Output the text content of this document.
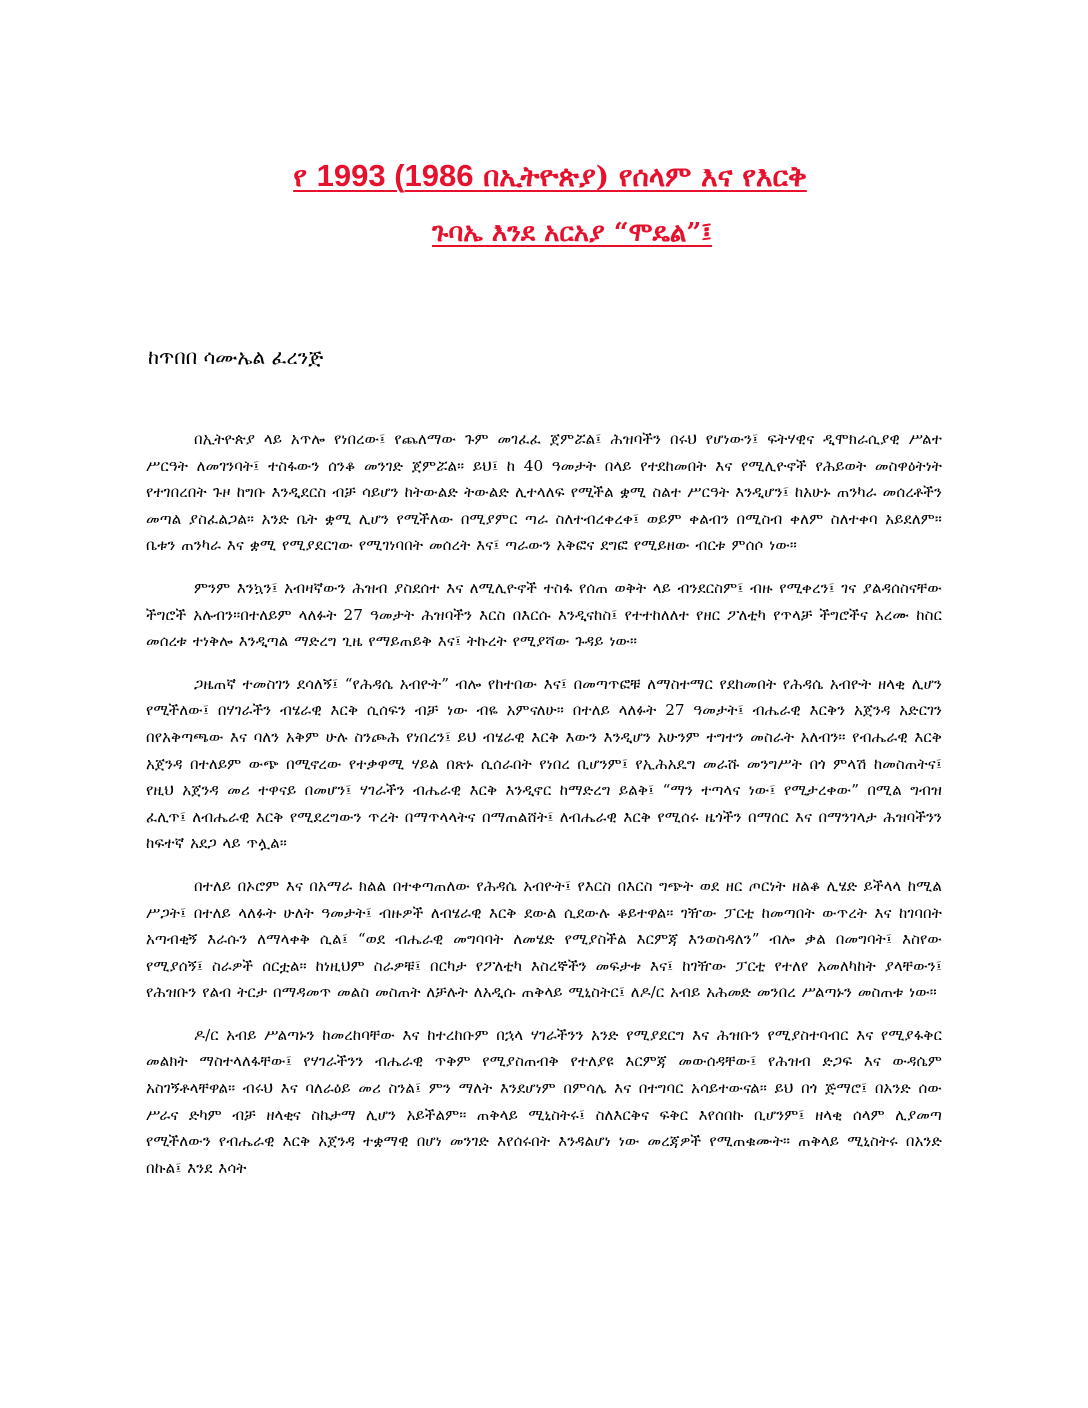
የ 1993 (1986 በኢትዮጵያ) የሰላም እና የእርቅ
ጉባኤ እንደ አርአያ “ሞዴል”፤
ከጥበበ ሳሙኤል ፈረንጅ

በኢትዮጵያ ላይ አጥሎ የነበረው፤ የጨለማው ጉም መገፈፈ ጀምሯል፤ ሕዝባችን በሩህ የሆነውን፤ ፍትሃዊና ዲሞክራሲያዊ ሥልተ ሥርዓት ለመገንባት፤ ተስፋውን ሰንቆ መንገድ ጀምሯል። ይህ፤ ከ 40 ዓመታት በላይ የተደከመበት እና የሚሊዮኖች የሕይወት መስዋዕትነት የተገበረበት ጉዞ ከግቡ እንዲደርስ ብቻ ሳይሆን ከትውልድ ትውልድ ሊተላለፍ የሚችል ቋሚ ስልተ ሥርዓት እንዲሆን፤ ከአሁኑ ጠንካራ መሰረቶችን መጣል ያስፈልጋል። አንድ ቤት ቋሚ ሊሆን የሚችለው በሚያምር ጣራ ስለተብረቀረቀ፤ ወይም ቀልብን በሚስብ ቀለም ስለተቀባ አይደለም። ቤቱን ጠንካራ እና ቋሚ የሚያደርገው የሚገነባበት መሰረት እና፤ ጣራውን አቅፎና ደግፎ የሚይዘው ብርቱ ምሰሶ ነው።

ምንም እንኳን፤ አብዛኛውን ሕዝብ ያስደሰተ እና ለሚሊዮኖች ተስፋ የሰጠ ወቅት ላይ ብንደርስም፤ ብዙ የሚቀረን፤ ገና ያልዳሰስናቸው ችግሮች አሉብን።በተለይም ላለፉት 27 ዓመታት ሕዝባችን እርስ በእርሱ እንዲናከስ፤ የተተከለለተ የዘር ፖለቲካ የጥላቻ ችግሮችና አረሙ ከስር መሰረቱ ተነቅሎ እንዲጣል ማድረግ ጊዜ የማይጠይቅ እና፤ ትኩረት የሚያሻው ጉዳይ ነው።

ጋዜጠኛ ተመስገን ደሳለኝ፤ “የሕዳሴ አብዮት” ብሎ የከተበው እና፤ በመጣጥፎቹ ለማስተማር የደከመበት የሕዳሴ አብዮት ዘላቂ ሊሆን የሚችለው፤ በሃገራችን ብሄራዊ እርቅ ሲሰፍን ብቻ ነው ብዬ አምናለሁ። በተለይ ላለፉት 27 ዓመታት፤ ብሔራዊ እርቅን አጀንዳ አድርገን በየአቅጣጫው እና ባለን አቅም ሁሉ ስንጮሕ የነበረን፤ ይህ ብሄራዊ እርቅ እውን እንዲሆን አሁንም ተግተን መስራት አለብን። የብሔራዊ እርቅ አጀንዳ በተለይም ውጭ በሚኖረው የተቃዋሚ ሃይል በጽኑ ሲሰራበት የነበረ ቢሆንም፤ የኢሕአዴግ መራሹ መንግሥት በጎ ምላሽ ከመስጠትና፤ የዚህ አጀንዳ መሪ ተዋናይ በመሆን፤ ሃገራችን ብሔራዊ እርቅ እንዲኖር ከማድረግ ይልቅ፤ “ማን ተጣላና ነው፤ የሚታረቀው” በሚል ግብዝ ፈሊጥ፤ ለብሔራዊ እርቅ የሚደረግውን ጥረት በማጥላላትና በማጠልሸት፤ ለብሔራዊ እርቅ የሚሰሩ ዜጎችን በማሰር እና በማንገላታ ሕዝባችንን ከፍተኛ አደጋ ላይ ጥሏል።

በተለይ በኦሮም እና በአማራ ክልል በተቀጣጠለው የሕዳሴ አብዮት፤ የእርስ በእርስ ግጭት ወደ ዘር ጦርነት ዘልቆ ሊሄድ ይችላላ ከሚል ሥጋት፤ በተለይ ላለፉት ሁለት ዓመታት፤ ብዙዎች ለብሄራዊ እርቅ ደውል ሲደውሉ ቆይተዋል። ገዥው ፓርቲ ከመጣበት ውጥረት እና ከገባበት አጣብቂኝ እራሱን ለማላቀቅ ሲል፤ “ወደ ብሔራዊ መግባባት ለመሄድ የሚያስችል እርምጃ እንወስዳለን” ብሎ ቃል በመግባት፤ እስየው የሚያሰኝ፤ ስራዎች ሰርቷል። ከነዚህም ስራዎቹ፤ በርካታ የፖለቲካ እስረኞችን መፍታቱ እና፤ ከገዥው ፓርቲ የተለየ አመለካከት ያላቸውን፤ የሕዝቡን የልብ ትርታ በማዳመጥ መልስ መስጠት ለቻሉት ለአዲሱ ጠቅላይ ሚኒስትር፤ ለዶ/ር አብይ አሕመድ መንበረ ሥልጣኑን መስጠቱ ነው።

ዶ/ር አብይ ሥልጣኑን ከመረከባቸው እና ከተረከቡም በኋላ ሃገራችንን አንድ የሚያደርግ እና ሕዝቡን የሚያስተባብር እና የሚያፋቅር መልክት ማስተላለፋቸው፤ የሃገራችንን ብሔራዊ ጥቅም የሚያስጠብቅ የተለያዩ እርምጃ መውሰዳቸው፤ የሕዝብ ድጋፍ እና ውዳሴም አስገኝቶላቸዋል። ብሩህ እና ባለራዕይ መሪ ስንል፤ ምን ማለት እንደሆነም በምሳሌ እና በተግባር አሳይተውናል። ይህ በጎ ጅማሮ፤ በአንድ ሰው ሥራና ድካም ብቻ ዘላቂና ስኬታማ ሊሆን አይችልም። ጠቅላይ ሚኒስትሩ፤ ስለእርቅና ፍቅር እየሰበኩ ቢሆንም፤ ዘላቂ ሰላም ሊያመጣ የሚችለውን የብሔራዊ እርቅ አጀንዳ ተቋማዊ በሆነ መንገድ እየሰሩበት እንዳልሆነ ነው መረጃዎች የሚጠቁሙት። ጠቅላይ ሚኒስትሩ በአንድ በኩል፤ እንደ እሳት
